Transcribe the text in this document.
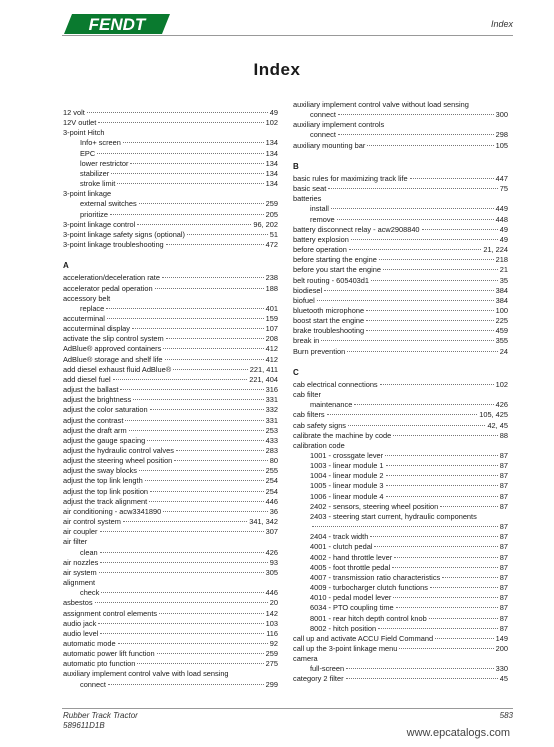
FENDT	Index
Index
12 volt	49
12V outlet	102
3-point Hitch
Info+ screen	134
EPC	134
lower restrictor	134
stabilizer	134
stroke limit	134
3-point linkage
external switches	259
prioritize	205
3-point linkage control	96, 202
3-point linkage safety signs (optional)	51
3-point linkage troubleshooting	472
A
acceleration/deceleration rate	238
accelerator pedal operation	188
accessory belt
replace	401
accuterminal	159
accuterminal display	107
activate the slip control system	208
AdBlue® approved containers	412
AdBlue® storage and shelf life	412
add diesel exhaust fluid AdBlue®	221, 411
add diesel fuel	221, 404
adjust the ballast	316
adjust the brightness	331
adjust the color saturation	332
adjust the contrast	331
adjust the draft arm	253
adjust the gauge spacing	433
adjust the hydraulic control valves	283
adjust the steering wheel position	80
adjust the sway blocks	255
adjust the top link length	254
adjust the top link position	254
adjust the track alignment	446
air conditioning - acw3341890	36
air control system	341, 342
air coupler	307
air filter
clean	426
air nozzles	93
air system	305
alignment
check	446
asbestos	20
assignment control elements	142
audio jack	103
audio level	116
automatic mode	92
automatic power lift function	259
automatic pto function	275
auxiliary implement control valve with load sensing
connect	299
auxiliary implement control valve without load sensing
connect	300
auxiliary implement controls
connect	298
auxiliary mounting bar	105
B
basic rules for maximizing track life	447
basic seat	75
batteries
install	449
remove	448
battery disconnect relay - acw2908840	49
battery explosion	49
before operation	21, 224
before starting the engine	218
before you start the engine	21
belt routing - 605403d1	35
biodiesel	384
biofuel	384
bluetooth microphone	100
boost start the engine	225
brake troubleshooting	459
break in	355
Burn prevention	24
C
cab electrical connections	102
cab filter
maintenance	426
cab filters	105, 425
cab safety signs	42, 45
calibrate the machine by code	88
calibration code
1001 - crossgate lever	87
1003 - linear module 1	87
1004 - linear module 2	87
1005 - linear module 3	87
1006 - linear module 4	87
2402 - sensors, steering wheel position	87
2403 - steering start current, hydraulic components
87
2404 - track width	87
4001 - clutch pedal	87
4002 - hand throttle lever	87
4005 - foot throttle pedal	87
4007 - transmission ratio characteristics	87
4009 - turbocharger clutch functions	87
4010 - pedal model lever	87
6034 - PTO coupling time	87
8001 - rear hitch depth control knob	87
8002 - hitch position	87
call up and activate ACCU Field Command	149
call up the 3-point linkage menu	200
camera
full-screen	330
category 2 filter	45
Rubber Track Tractor
589611D1B
583
www.epcatalogs.com
